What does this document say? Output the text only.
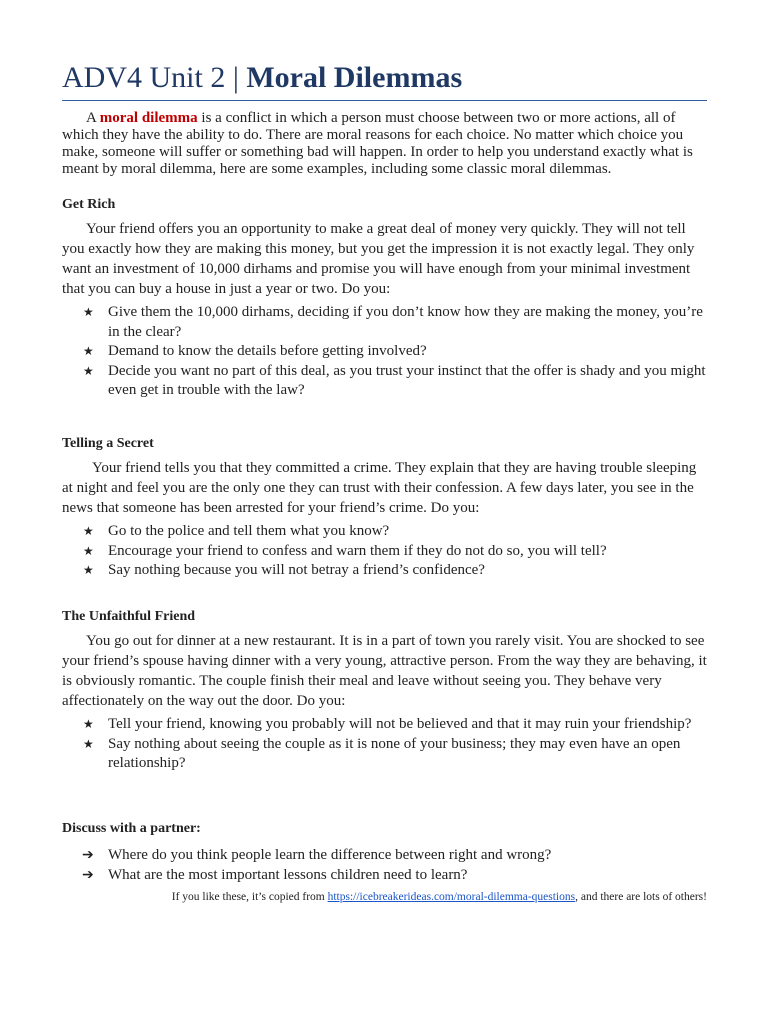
ADV4 Unit 2 | Moral Dilemmas
A moral dilemma is a conflict in which a person must choose between two or more actions, all of which they have the ability to do. There are moral reasons for each choice. No matter which choice you make, someone will suffer or something bad will happen. In order to help you understand exactly what is meant by moral dilemma, here are some examples, including some classic moral dilemmas.
Get Rich
Your friend offers you an opportunity to make a great deal of money very quickly. They will not tell you exactly how they are making this money, but you get the impression it is not exactly legal. They only want an investment of 10,000 dirhams and promise you will have enough from your minimal investment that you can buy a house in just a year or two. Do you:
★ Give them the 10,000 dirhams, deciding if you don’t know how they are making the money, you’re in the clear?
★ Demand to know the details before getting involved?
★ Decide you want no part of this deal, as you trust your instinct that the offer is shady and you might even get in trouble with the law?
Telling a Secret
Your friend tells you that they committed a crime. They explain that they are having trouble sleeping at night and feel you are the only one they can trust with their confession. A few days later, you see in the news that someone has been arrested for your friend’s crime. Do you:
★ Go to the police and tell them what you know?
★ Encourage your friend to confess and warn them if they do not do so, you will tell?
★ Say nothing because you will not betray a friend’s confidence?
The Unfaithful Friend
You go out for dinner at a new restaurant. It is in a part of town you rarely visit. You are shocked to see your friend’s spouse having dinner with a very young, attractive person. From the way they are behaving, it is obviously romantic. The couple finish their meal and leave without seeing you. They behave very affectionately on the way out the door. Do you:
★ Tell your friend, knowing you probably will not be believed and that it may ruin your friendship?
★ Say nothing about seeing the couple as it is none of your business; they may even have an open relationship?
Discuss with a partner:
➔ Where do you think people learn the difference between right and wrong?
➔ What are the most important lessons children need to learn?
If you like these, it’s copied from https://icebreakerideas.com/moral-dilemma-questions, and there are lots of others!
